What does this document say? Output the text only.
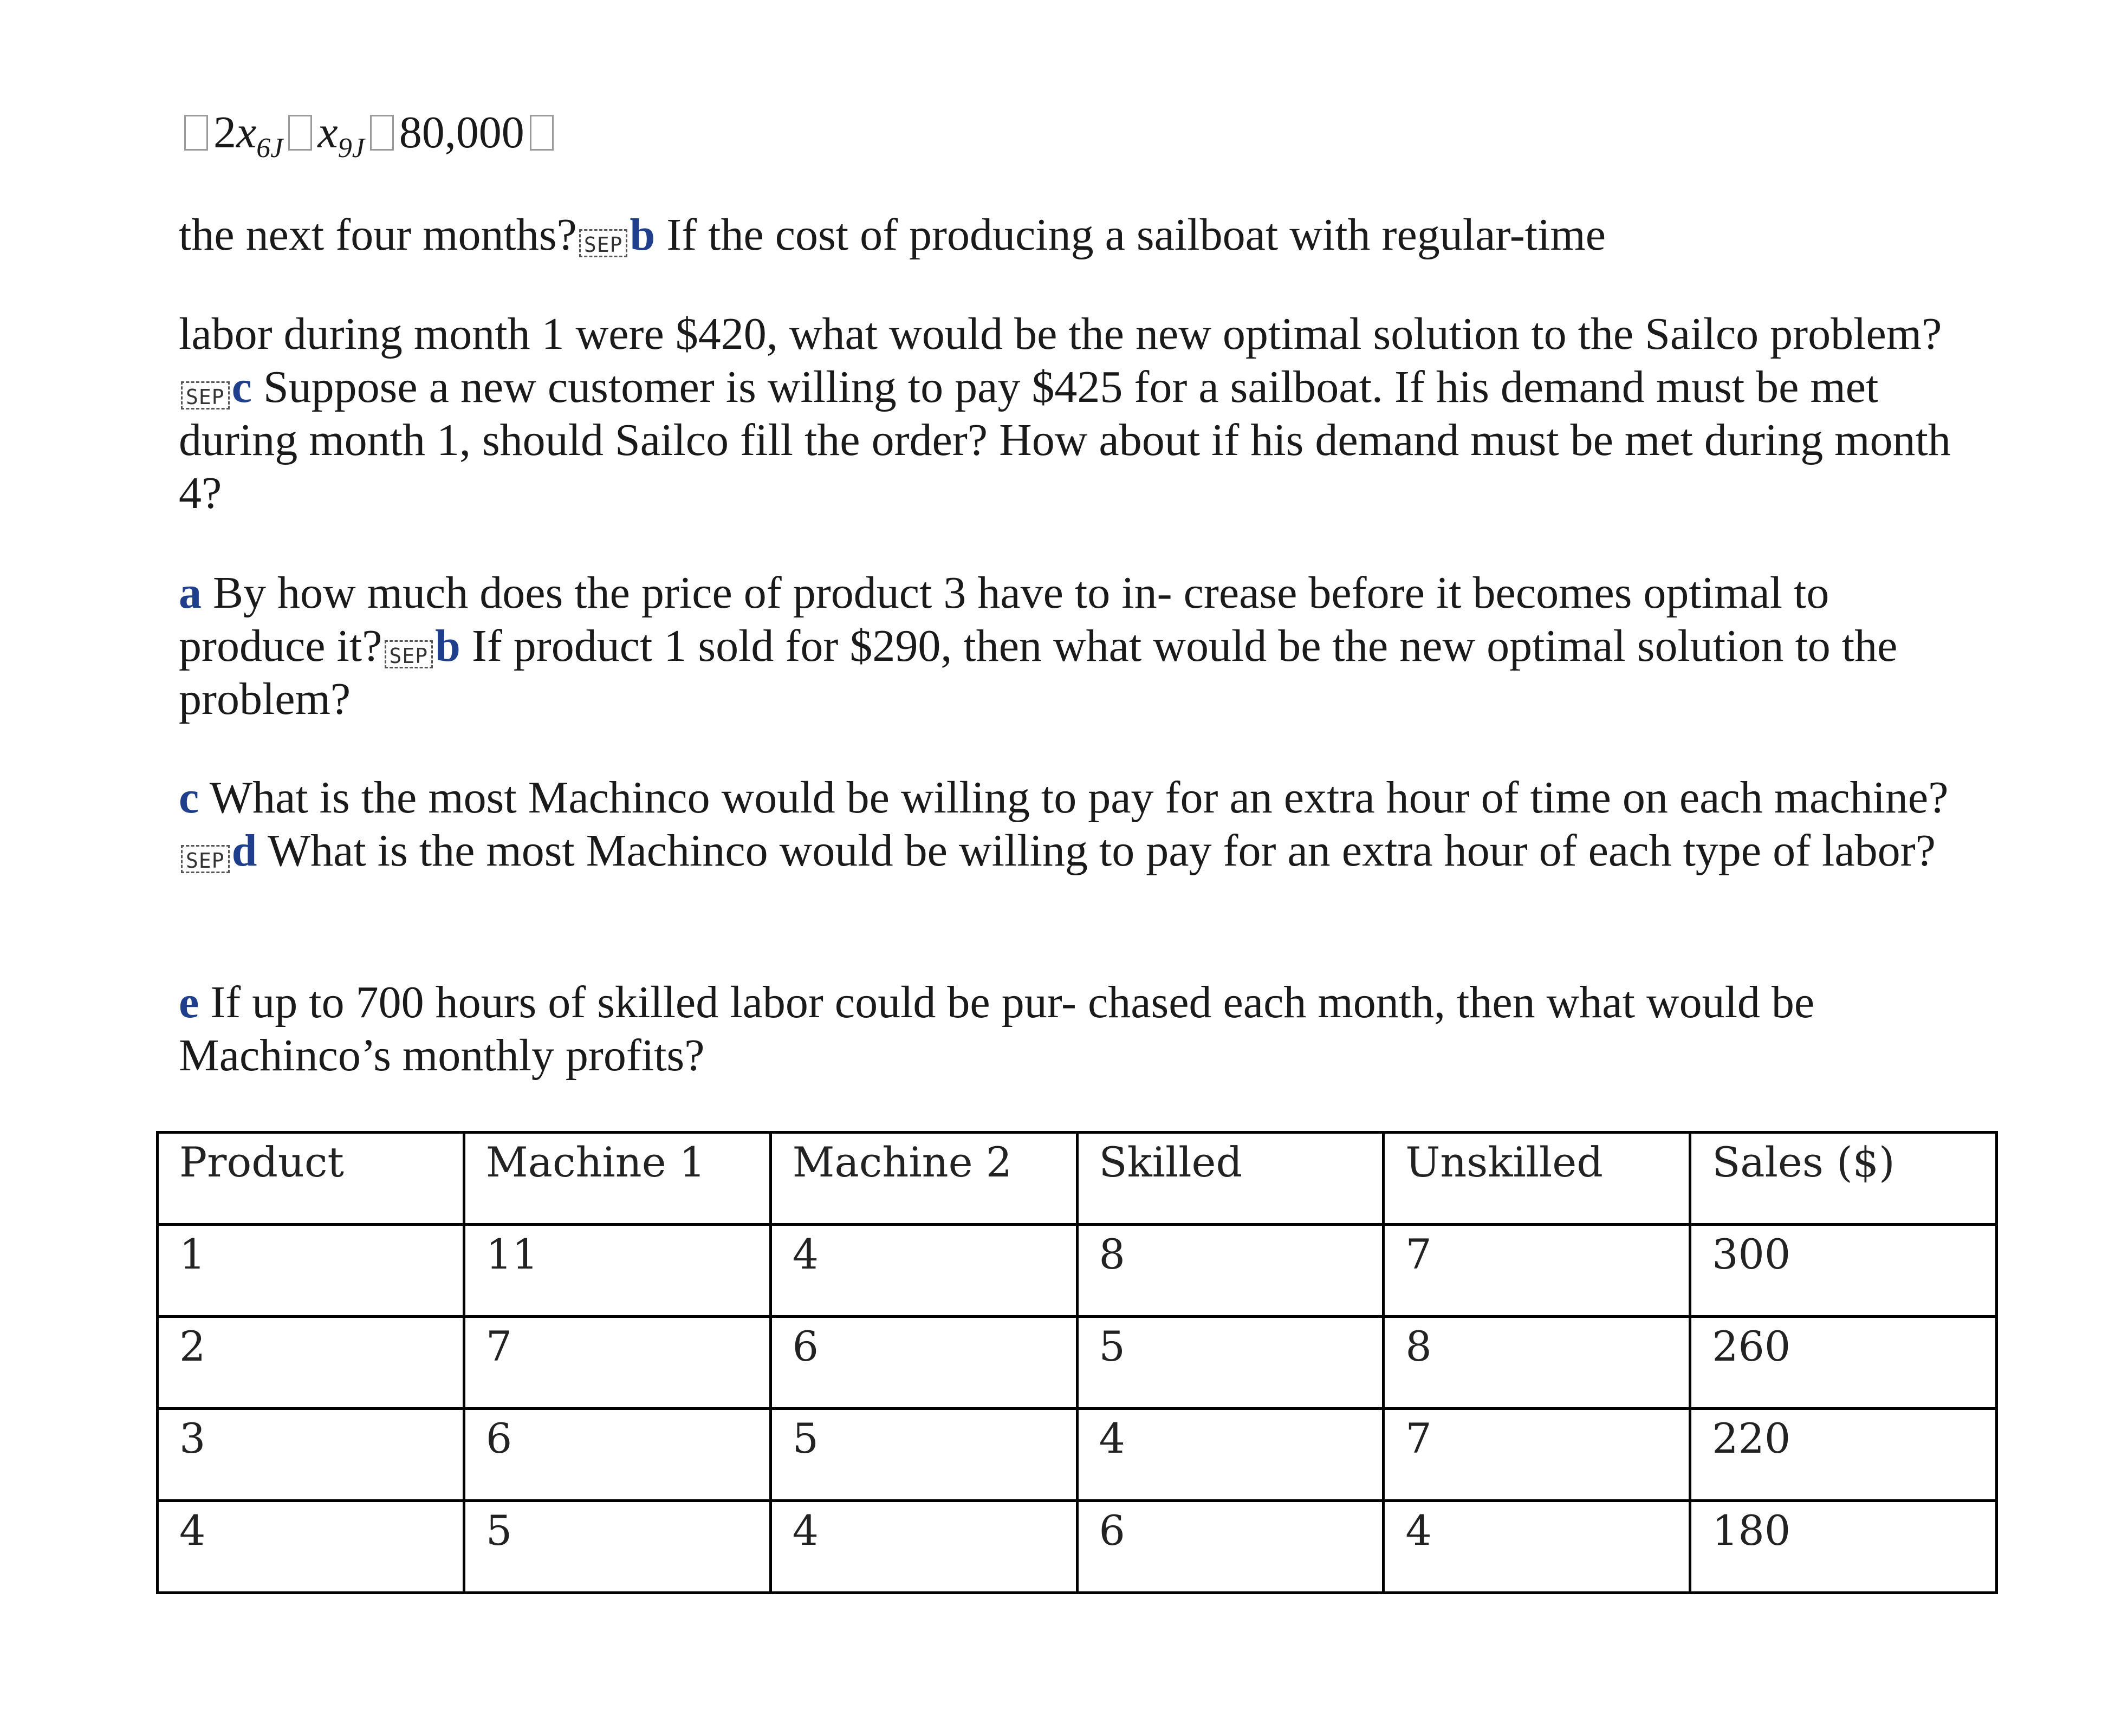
$2x_{6J}$ $x_{9J}$ 80,000

the next four months? SEP b If the cost of producing a sailboat with regular-time

labor during month 1 were $420, what would be the new optimal solution to the Sailco problem?SEP c Suppose a new customer is willing to pay $425 for a sailboat. If his demand must be met during month 1, should Sailco fill the order? How about if his demand must be met during month 4?

a By how much does the price of product 3 have to in- crease before it becomes optimal to produce it? SEP b If product 1 sold for $290, then what would be the new optimal solution to the problem?

c What is the most Machinco would be willing to pay for an extra hour of time on each machine?SEP d What is the most Machinco would be willing to pay for an extra hour of each type of labor?

e If up to 700 hours of skilled labor could be pur- chased each month, then what would be Machinco’s monthly profits?

Product	Machine 1	Machine 2	Skilled	Unskilled	Sales ($)
1	11	4	8	7	300
2	7	6	5	8	260
3	6	5	4	7	220
4	5	4	6	4	180
